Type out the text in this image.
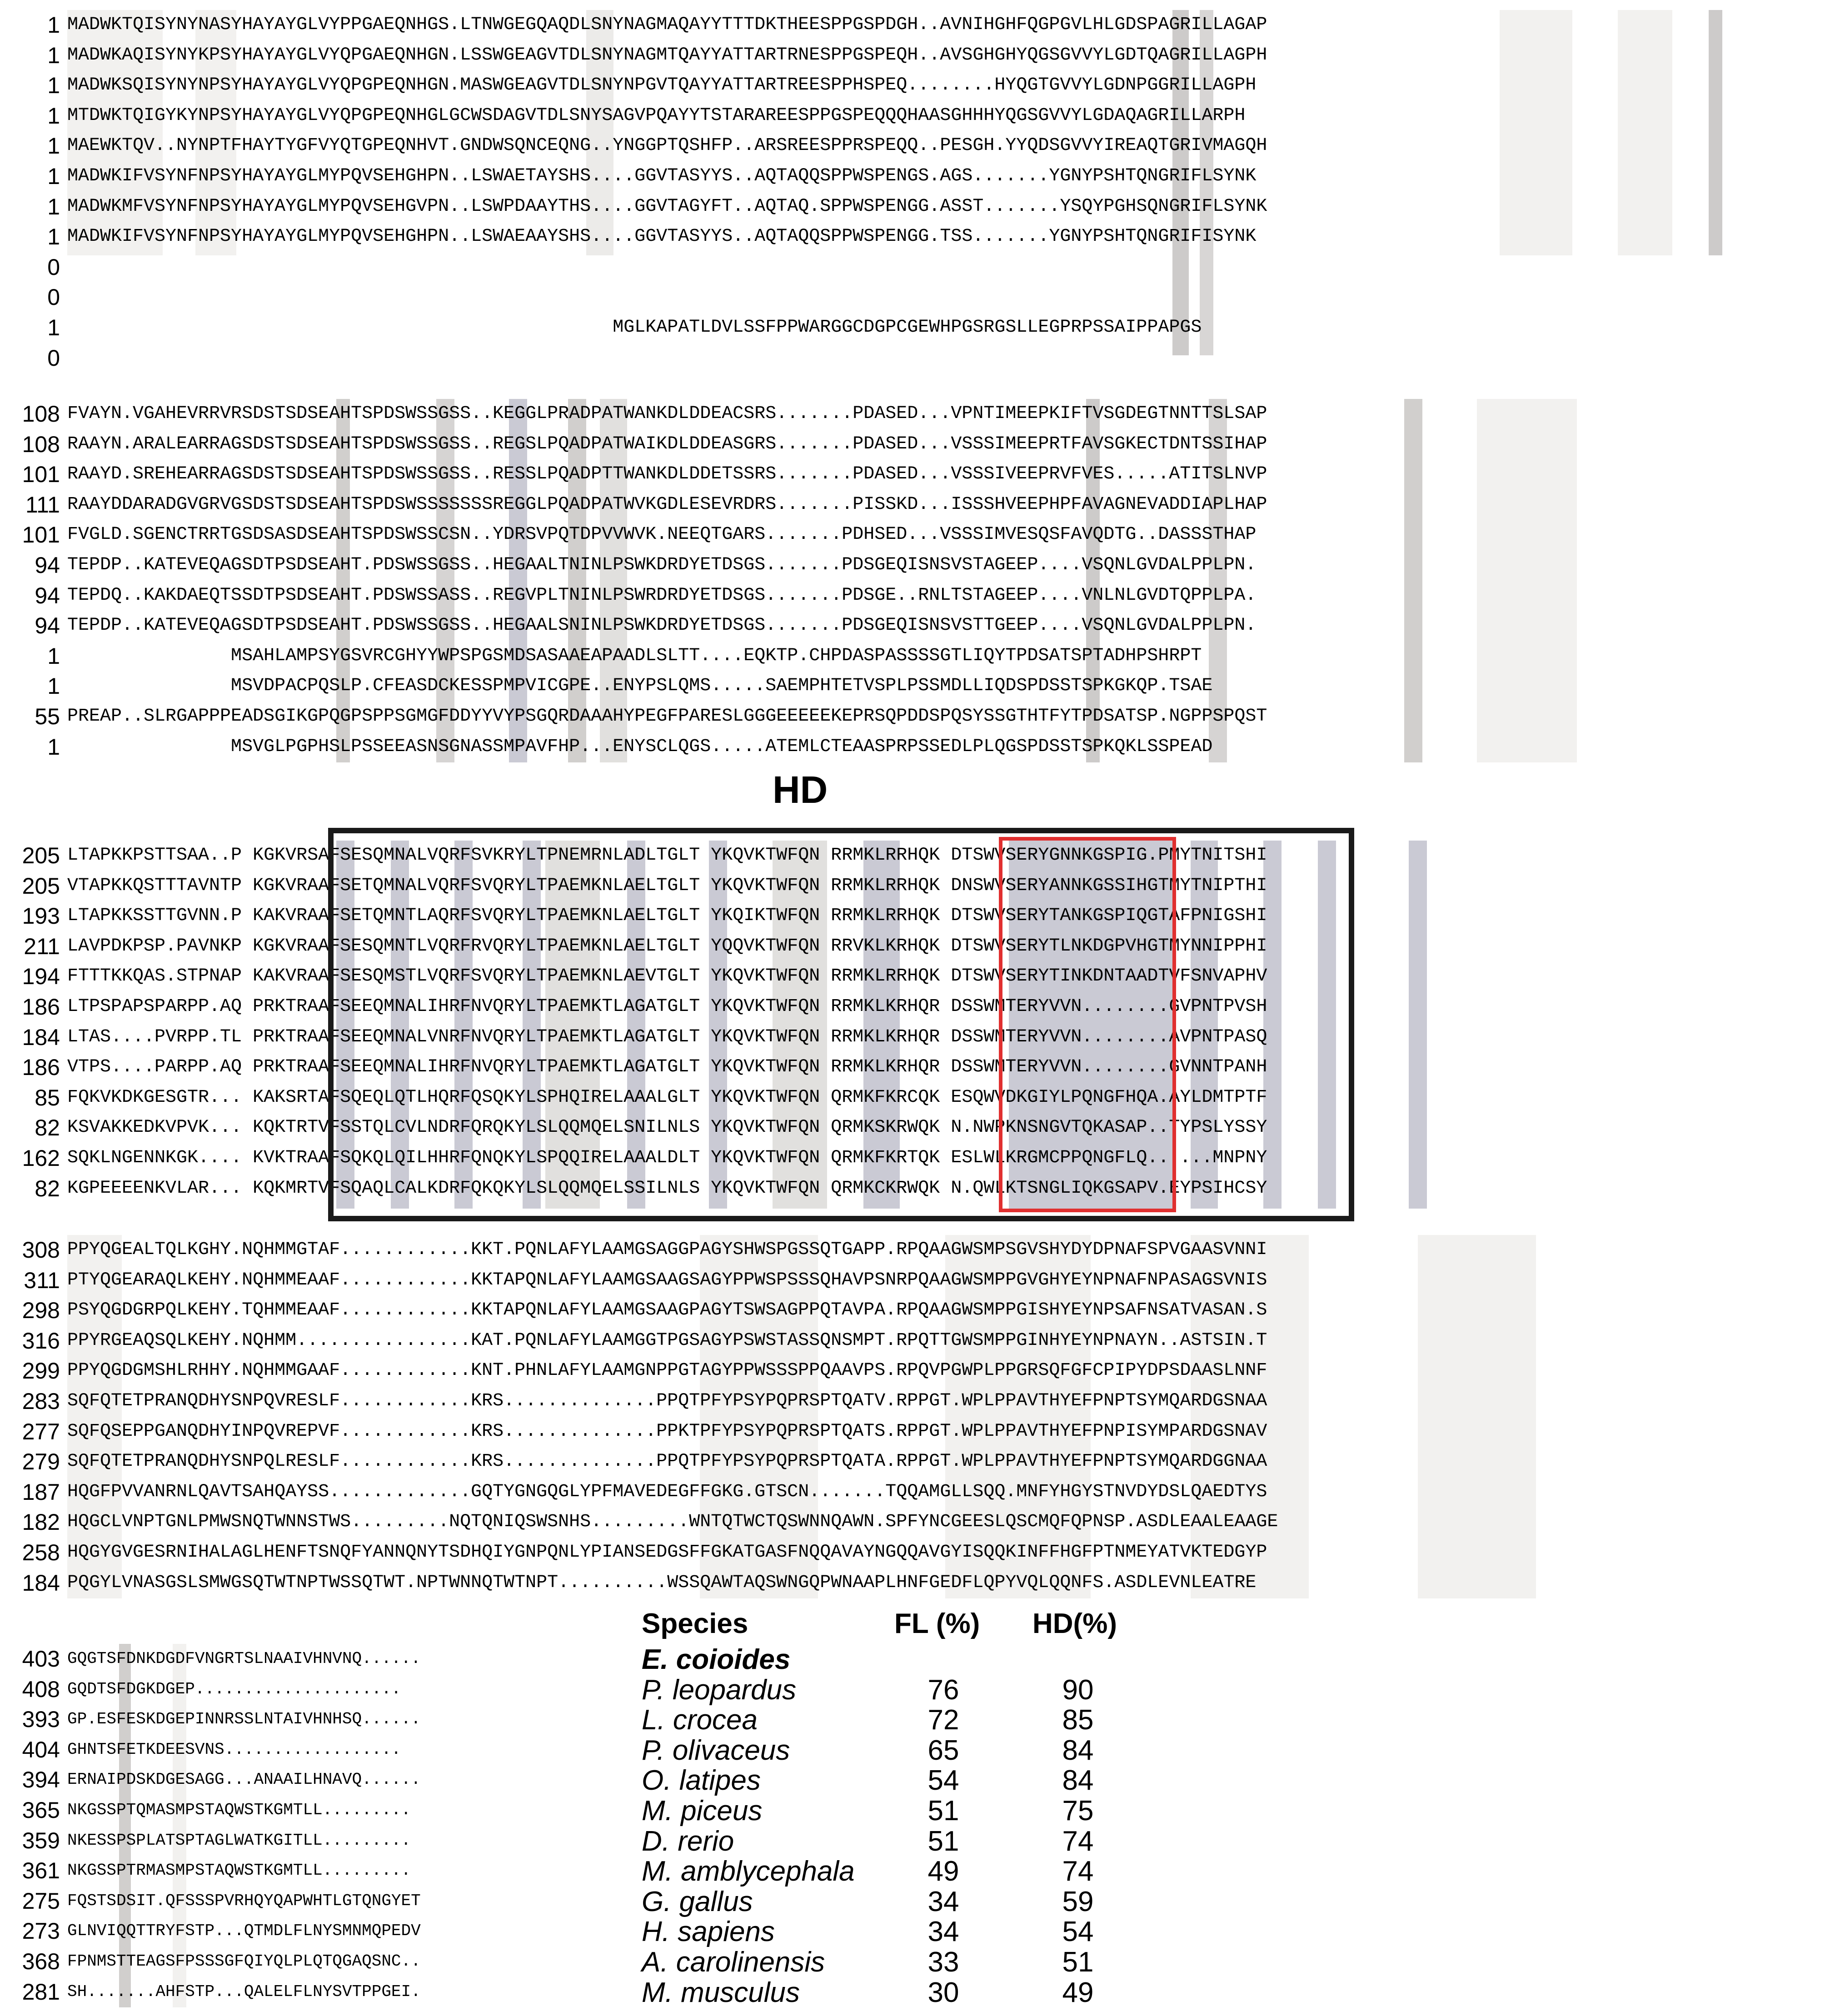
1 MADWKTQISYNYNASYHAYAYGLVYPPGAEQNHGS.LTNWGEGQAQDLSNYNAGMAQAYYTTTDKTHEESPPGSPDGH..AVNIHGHFQGPGVLHLGDSPAGRILLAGAP
1 MADWKAQISYNYKPSYHAYAYGLVYQPGAEQNHGN.LSSWGEAGVTDLSNYNAGMTQAYYATTARTRNESPPGSPEQH..AVSGHGHYQGSGVVYLGDTQAGRILLAGPH
1 MADWKSQISYNYNPSYHAYAYGLVYQPGPEQNHGN.MASWGEAGVTDLSNYNPGVTQAYYATTARTREESPPHSPEQ........HYQGTGVVYLGDNPGGRILLAGPH
1 MTDWKTQIGYKYNPSYHAYAYGLVYQPGPEQNHGLGCWSDAGVTDLSNYSAGVPQAYYTSTARAREESPPGSPEQQQHAASGHHHYQGSGVVYLGDAQAGRILLARPH
1 MAEWKTQV..NYNPTFHAYTYGFVYQTGPEQNHVT.GNDWSQNCEQNG..YNGGPTQSHFP..ARSREESPPRSPEQQ..PESGH.YYQDSGVVYIREAQTGRIVMAGQH
1 MADWKIFVSYNFNPSYHAYAYGLMYPQVSEHGHPN..LSWAETAYSHS....GGVTASYYS..AQTAQQSPPWSPENGS.AGS.......YGNYPSHTQNGRIFLSYNK
1 MADWKMFVSYNFNPSYHAYAYGLMYPQVSEHGVPN..LSWPDAAYTHS....GGVTAGYFT..AQTAQ.SPPWSPENGG.ASST.......YSQYPGHSQNGRIFLSYNK
1 MADWKIFVSYNFNPSYHAYAYGLMYPQVSEHGHPN..LSWAEAAYSHS....GGVTASYYS..AQTAQQSPPWSPENGG.TSS.......YGNYPSHTQNGRIFISYNK
0
0
1 MGLKAPATLDVLSSFPPWARGGCDGPCGEWHPGSRGSLLEGPRPSSAIPPAPGS
0
108 FVAYN.VGAHEVRRVRSDSTSDSEAHTSPDSWSSGSS..KEGGLPRADPATWANKDLDDEACSRS.......PDASED...VPNTIMEEPKIFTVSGDEGTNNTTSLSAP
108 RAAYN.ARALEARRAGSDSTSDSEAHTSPDSWSSGSS..REGSLPQADPATWAIKDLDDEASGRS.......PDASED...VSSSIMEEPRTFAVSGKECTDNTSSIHAP
101 RAAYD.SREHEARRAGSDSTSDSEAHTSPDSWSSGSS..RESSLPQADPTTWANKDLDDETSSRS.......PDASED...VSSSIVEEPRVFVES.....ATITSLNVP
111 RAAYDDARADGVGRVGSDSTSDSEAHTSPDSWSSSSSSSREGGLPQADPATWVKGDLESEVRDRS.......PISSKD...ISSSHVEEPHPFAVAGNEVADDIAPLHAP
101 FVGLD.SGENCTRRTGSDSASDSEAHTSPDSWSSCSN..YDRSVPQTDPVVWVK.NEEQTGARS.......PDHSED...VSSSIMVESQSFAVQDTG..DASSSTHAP
94 TEPDP..KATEVEQAGSDTPSDSEAHT.PDSWSSGSS..HEGAALTNINLPSWKDRDYETDSGS.......PDSGEQISNSVSTAGEEP....VSQNLGVDALPPLPN.
94 TEPDQ..KAKDAEQTSSDTPSDSEAHT.PDSWSSASS..REGVPLTNINLPSWRDRDYETDSGS.......PDSGE..RNLTSTAGEEP....VNLNLGVDTQPPLPA.
94 TEPDP..KATEVEQAGSDTPSDSEAHT.PDSWSSGSS..HEGAALSNINLPSWKDRDYETDSGS.......PDSGEQISNSVSTTGEEP....VSQNLGVDALPPLPN.
1 MSAHLAMPSYGSVRCGHYYWPSPGSMDSASAAEAPAADLSLTT....EQKTP.CHPDASPASSSSGTLIQYTPDSATSPTADHPSHRPT
1 MSVDPACPQSLP.CFEASDCKESSPMPVICGPE..ENYPSLQMS.....SAEMPHTETVSPLPSSMDLLIQDSPDSSTSPKGKQP.TSAE
55 PREAP..SLRGAPPPEADSGIKGPQGPSPPSGMGFDDYYVYPSGQRDAAAHYPEGFPARESLGGGEEEEEKEPRSQPDDSPQSYSSGTHTFYTPDSATSP.NGPPSPQST
1 MSVGLPGPHSLPSSEEASNSGNASSMPAVFHP...ENYSCLQGS.....ATEMLCTEAASPRPSSEDLPLQGSPDSSTSPKQKLSSPEAD
205 LTAPKKPSTTSAA..P KGKVRSAFSESQMNALVQRFSVKRYLTPNEMRNLADLTGLT YKQVKTWFQN RRMKLRRHQK DTSWVSERYGNNKGSPIG.PMYTNITSHI
205 VTAPKKQSTTTAVNTP KGKVRAAFSETQMNALVQRFSVQRYLTPAEMKNLAELTGLT YKQVKTWFQN RRMKLRRHQK DNSWVSERYANNKGSSIHGTMYTNIPTHI
193 LTAPKKSSTTGVNN.P KAKVRAAFSETQMNTLAQRFSVQRYLTPAEMKNLAELTGLT YKQIKTWFQN RRMKLRRHQK DTSWVSERYTANKGSPIQGTAFPNIGSHI
211 LAVPDKPSP.PAVNKP KGKVRAAFSESQMNTLVQRFRVQRYLTPAEMKNLAELTGLT YQQVKTWFQN RRVKLKRHQK DTSWVSERYTLNKDGPVHGTMYNNIPPHI
194 FTTTKKQAS.STPNAP KAKVRAAFSESQMSTLVQRFSVQRYLTPAEMKNLAEVTGLT YKQVKTWFQN RRMKLRRHQK DTSWVSERYTINKDNTAADTVFSNVAPHV
186 LTPSPAPSPARPP.AQ PRKTRAAFSEEQMNALIHRFNVQRYLTPAEMKTLAGATGLT YKQVKTWFQN RRMKLKRHQR DSSWMTERYVVN........GVPNTPVSH
184 LTAS....PVRPP.TL PRKTRAAFSEEQMNALVNRFNVQRYLTPAEMKTLAGATGLT YKQVKTWFQN RRMKLKRHQR DSSWMTERYVVN........AVPNTPASQ
186 VTPS....PARPP.AQ PRKTRAAFSEEQMNALIHRFNVQRYLTPAEMKTLAGATGLT YKQVKTWFQN RRMKLKRHQR DSSWMTERYVVN........GVNNTPANH
85 FQKVKDKGESGTR... KAKSRTAFSQEQLQTLHQRFQSQKYLSPHQIRELAAALGLT YKQVKTWFQN QRMKFKRCQK ESQWVDKGIYLPQNGFHQA.AYLDMTPTF
82 KSVAKKEDKVPVK... KQKTRTVFSSTQLCVLNDRFQRQKYLSLQQMQELSNILNLS YKQVKTWFQN QRMKSKRWQK N.NWPKNSNGVTQKASAP..TYPSLYSSY
162 SQKLNGENNKGK.... KVKTRAAFSQKQLQILHHRFQNQKYLSPQQIRELAAALDLT YKQVKTWFQN QRMKFKRTQK ESLWLKRGMCPPQNGFLQ......MNPNY
82 KGPEEEENKVLAR... KQKMRTVFSQAQLCALKDRFQKQKYLSLQQMQELSSILNLS YKQVKTWFQN QRMKCKRWQK N.QWLKTSNGLIQKGSAPV.EYPSIHCSY
308 PPYQGEALTQLKGHY.NQHMMGTAF............KKT.PQNLAFYLAAMGSAGGPAGYSHWSPGSSQTGAPP.RPQAAGWSMPSGVSHYDYDPNAFSPVGAASVNNI
311 PTYQGEARAQLKEHY.NQHMMEAAF............KKTAPQNLAFYLAAMGSAAGSAGYPPWSPSSSQHAVPSNRPQAAGWSMPPGVGHYEYNPNAFNPASAGSVNIS
298 PSYQGDGRPQLKEHY.TQHMMEAAF............KKTAPQNLAFYLAAMGSAAGPAGYTSWSAGPPQTAVPA.RPQAAGWSMPPGISHYEYNPSAFNSATVASAN.S
316 PPYRGEAQSQLKEHY.NQHMM................KAT.PQNLAFYLAAMGGTPGSAGYPSWSTASSQNSMPT.RPQTTGWSMPPGINHYEYNPNAYN..ASTSIN.T
299 PPYQGDGMSHLRHHY.NQHMMGAAF............KNT.PHNLAFYLAAMGNPPGTAGYPPWSSSPPQAAVPS.RPQVPGWPLPPGRSQFGFCPIPYDPSDAASLNNF
283 SQFQTETPRANQDHYSNPQVRESLF............KRS..............PPQTPFYPSYPQPRSPTQATV.RPPGT.WPLPPAVTHYEFPNPTSYMQARDGSNAA
277 SQFQSEPPGANQDHYINPQVREPVF............KRS..............PPKTPFYPSYPQPRSPTQATS.RPPGT.WPLPPAVTHYEFPNPISYMPARDGSNAV
279 SQFQTETPRANQDHYSNPQLRESLF............KRS..............PPQTPFYPSYPQPRSPTQATA.RPPGT.WPLPPAVTHYEFPNPTSYMQARDGGNAA
187 HQGFPVVANRNLQAVTSAHQAYSS.............GQTYGNGQGLYPFMAVEDEGFFGKG.GTSCN.......TQQAMGLLSQQ.MNFYHGYSTNVDYDSLQAEDTYS
182 HQGCLVNPTGNLPMWSNQTWNNSTWS.........NQTQNIQSWSNHS.........WNTQTWCTQSWNNQAWN.SPFYNCGEESLQSCMQFQPNSP.ASDLEAALEAAGE
258 HQGYGVGESRNIHALAGLHENFTSNQFYANNQNYTSDHQIYGNPQNLYPIANSEDGSFFGKATGASFNQQAVAYNGQQAVGYISQQKINFFHGFPTNMEYATVKTEDGYP
184 PQGYLVNASGSLSMWGSQTWTNPTWSSQTWT.NPTWNNQTWTNPT..........WSSQAWTAQSWNGQPWNAAPLHNFGEDFLQPYVQLQQNFS.ASDLEVNLEATRE
403 GQGTSFDNKDGDFVNGRTSLNAAIVHNVNQ......
408 GQDTSFDGKDGEP.....................
393 GP.ESFESKDGEPINNRSSLNTAIVHNHSQ......
404 GHNTSFETKDEESVNS..................
394 ERNAIPDSKDGESAGG...ANAAILHNAVQ......
365 NKGSSPTQMASMPSTAQWSTKGMTLL.........
359 NKESSPSPLATSPTAGLWATKGITLL.........
361 NKGSSPTRMASMPSTAQWSTKGMTLL.........
275 FQSTSDSIT.QFSSSPVRHQYQAPWHTLGTQNGYET
273 GLNVIQQTTRYFSTP...QTMDLFLNYSMNMQPEDV
368 FPNMSTTEAGSFPSSSGFQIYQLPLQTQGAQSNC..
281 SH.......AHFSTP...QALELFLNYSVTPPGEI.
HD
Species	FL (%) HD(%)
E. coioides
P. leopardus	76	90
L. crocea	72	85
P. olivaceus	65	84
O. latipes	54	84
M. piceus	51	75
D. rerio	51	74
M. amblycephala	49	74
G. gallus	34	59
H. sapiens	34	54
A. carolinensis	33	51
M. musculus	30	49
